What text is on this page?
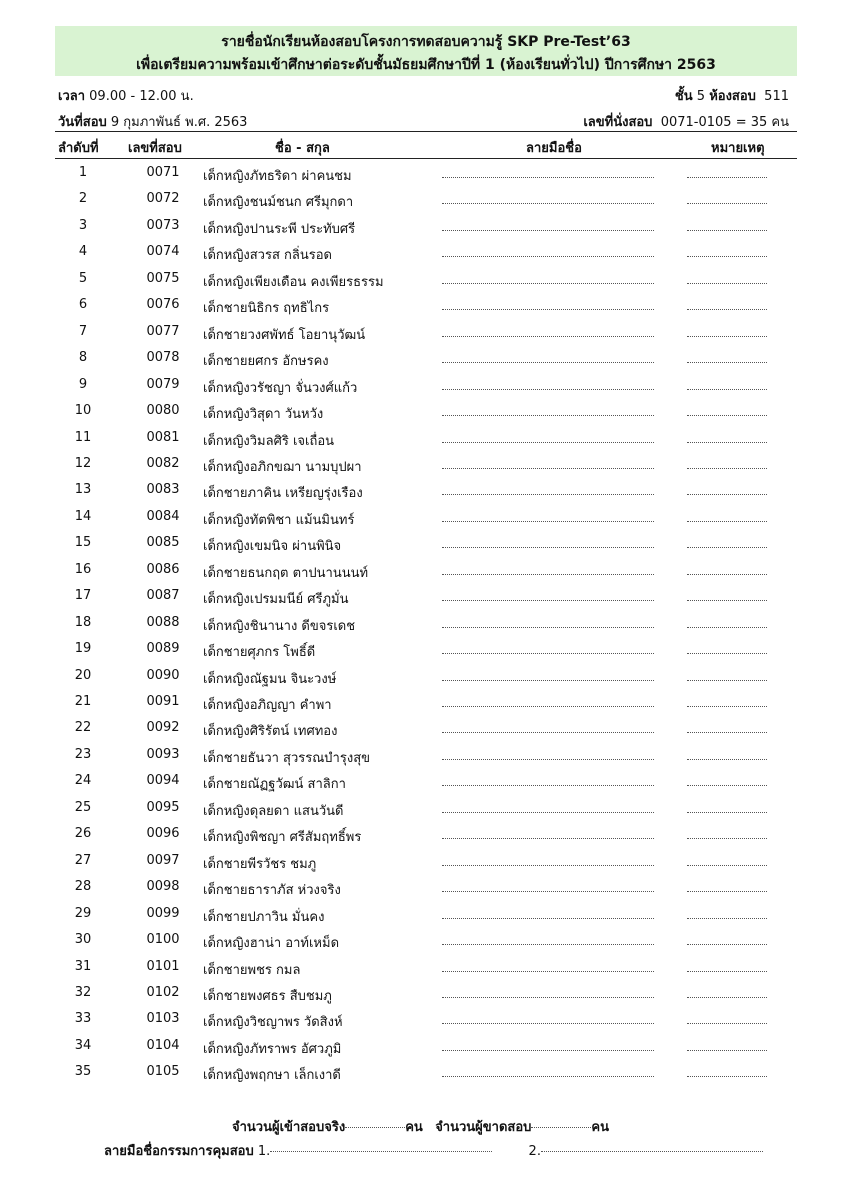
รายชื่อนักเรียนห้องสอบโครงการทดสอบความรู้ SKP Pre-Test’63
เพื่อเตรียมความพร้อมเข้าศึกษาต่อระดับชั้นมัธยมศึกษาปีที่ 1 (ห้องเรียนทั่วไป) ปีการศึกษา 2563
เวลา 09.00 - 12.00 น.	ชั้น 5 ห้องสอบ 511
วันที่สอบ 9 กุมภาพันธ์ พ.ศ. 2563	เลขที่นั่งสอบ 0071-0105 = 35 คน
ลำดับที่ เลขที่สอบ	ชื่อ - สกุล	ลายมือชื่อ	หมายเหตุ
1	0071	เด็กหญิงภัทธริดา ผ่าคนชม
2	0072	เด็กหญิงชนม์ชนก ศรีมุกดา
3	0073	เด็กหญิงปานระพี ประทับศรี
4	0074	เด็กหญิงสวรส กลิ่นรอด
5	0075	เด็กหญิงเพียงเดือน คงเพียรธรรม
6	0076	เด็กชายนิธิกร ฤทธิไกร
7	0077	เด็กชายวงศพัทธ์ โอยานุวัฒน์
8	0078	เด็กชายยศกร อักษรคง
9	0079	เด็กหญิงวรัชญา จั่นวงศ์แก้ว
10	0080	เด็กหญิงวิสุดา วันหวัง
11	0081	เด็กหญิงวิมลศิริ เจเถื่อน
12	0082	เด็กหญิงอภิกขฌา นามบุปผา
13	0083	เด็กชายภาคิน เหรียญรุ่งเรือง
14	0084	เด็กหญิงทัตพิชา แม้นมินทร์
15	0085	เด็กหญิงเขมนิจ ผ่านพินิจ
16	0086	เด็กชายธนกฤต ตาปนานนนท์
17	0087	เด็กหญิงเปรมมนีย์ ศรีภูมั่น
18	0088	เด็กหญิงชินานาง ดีขจรเดช
19	0089	เด็กชายศุภกร โพธิ์ดี
20	0090	เด็กหญิงณัฐมน จินะวงษ์
21	0091	เด็กหญิงอภิญญา คำพา
22	0092	เด็กหญิงศิริรัตน์ เทศทอง
23	0093	เด็กชายธันวา สุวรรณบำรุงสุข
24	0094	เด็กชายณัฏฐวัฒน์ สาลิกา
25	0095	เด็กหญิงดุลยดา แสนวันดี
26	0096	เด็กหญิงพิชญา ศรีสัมฤทธิ์พร
27	0097	เด็กชายพีรวัชร ชมภู
28	0098	เด็กชายธาราภัส ห่วงจริง
29	0099	เด็กชายปภาวิน มั่นคง
30	0100	เด็กหญิงฮาน่า อาท์เหม็ด
31	0101	เด็กชายพชร กมล
32	0102	เด็กชายพงศธร สืบชมภู
33	0103	เด็กหญิงวิชญาพร วัดสิงห์
34	0104	เด็กหญิงภัทราพร อัศวภูมิ
35	0105	เด็กหญิงพฤกษา เล็กเงาดี
จำนวนผู้เข้าสอบจริง	คน จำนวนผู้ขาดสอบ	คน
ลายมือชื่อกรรมการคุมสอบ 1.	2.
